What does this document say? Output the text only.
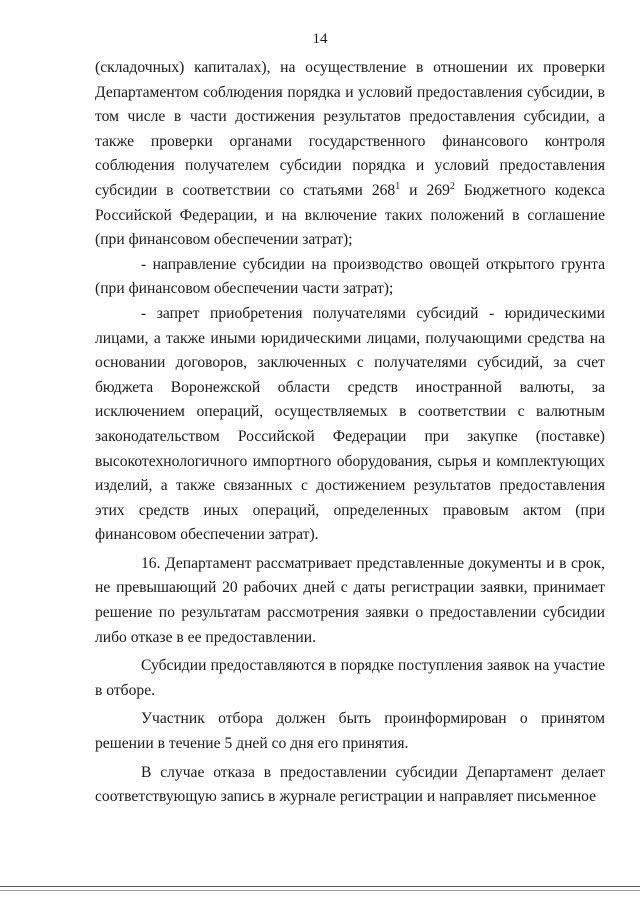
14

(складочных) капиталах), на осуществление в отношении их проверки Департаментом соблюдения порядка и условий предоставления субсидии, в том числе в части достижения результатов предоставления субсидии, а также проверки органами государственного финансового контроля соблюдения получателем субсидии порядка и условий предоставления субсидии в соответствии со статьями $268^1$ и $269^2$ Бюджетного кодекса Российской Федерации, и на включение таких положений в соглашение (при финансовом обеспечении затрат);

- направление субсидии на производство овощей открытого грунта (при финансовом обеспечении части затрат);

- запрет приобретения получателями субсидий - юридическими лицами, а также иными юридическими лицами, получающими средства на основании договоров, заключенных с получателями субсидий, за счет бюджета Воронежской области средств иностранной валюты, за исключением операций, осуществляемых в соответствии с валютным законодательством Российской Федерации при закупке (поставке) высокотехнологичного импортного оборудования, сырья и комплектующих изделий, а также связанных с достижением результатов предоставления этих средств иных операций, определенных правовым актом (при финансовом обеспечении затрат).

16. Департамент рассматривает представленные документы и в срок, не превышающий 20 рабочих дней с даты регистрации заявки, принимает решение по результатам рассмотрения заявки о предоставлении субсидии либо отказе в ее предоставлении.

Субсидии предоставляются в порядке поступления заявок на участие в отборе.

Участник отбора должен быть проинформирован о принятом решении в течение 5 дней со дня его принятия.

В случае отказа в предоставлении субсидии Департамент делает соответствующую запись в журнале регистрации и направляет письменное
